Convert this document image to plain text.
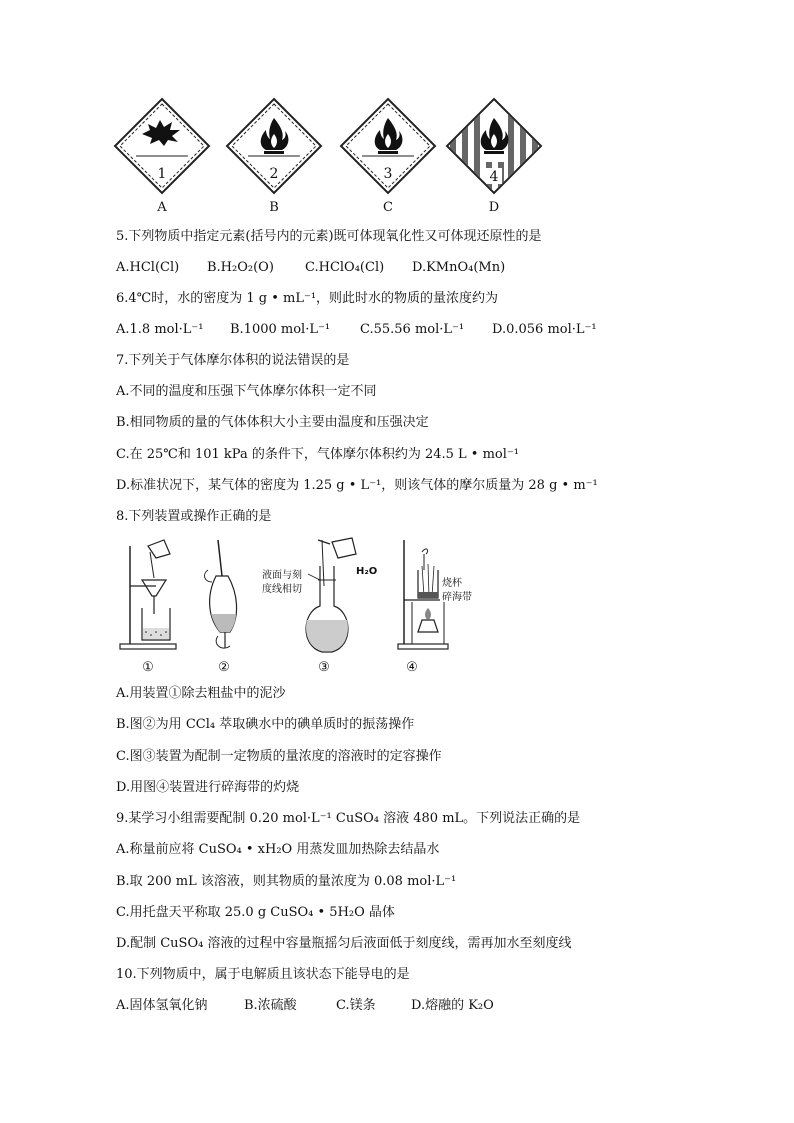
1
A
2
B
3
C
4
D
5.下列物质中指定元素(括号内的元素)既可体现氧化性又可体现还原性的是
A.HCl(Cl) B.H₂O₂(O) C.HClO₄(Cl) D.KMnO₄(Mn)
6.4℃时，水的密度为 1 g • mL⁻¹，则此时水的物质的量浓度约为
A.1.8 mol·L⁻¹ B.1000 mol·L⁻¹ C.55.56 mol·L⁻¹ D.0.056 mol·L⁻¹
7.下列关于气体摩尔体积的说法错误的是
A.不同的温度和压强下气体摩尔体积一定不同
B.相同物质的量的气体体积大小主要由温度和压强决定
C.在 25℃和 101 kPa 的条件下，气体摩尔体积约为 24.5 L • mol⁻¹
D.标准状况下，某气体的密度为 1.25 g • L⁻¹，则该气体的摩尔质量为 28 g • m⁻¹
8.下列装置或操作正确的是
①	②
液面与刻
度线相切
H₂O
③
烧杯
碎海带
④
A.用装置①除去粗盐中的泥沙
B.图②为用 CCl₄ 萃取碘水中的碘单质时的振荡操作
C.图③装置为配制一定物质的量浓度的溶液时的定容操作
D.用图④装置进行碎海带的灼烧
9.某学习小组需要配制 0.20 mol·L⁻¹ CuSO₄ 溶液 480 mL。下列说法正确的是
A.称量前应将 CuSO₄ • xH₂O 用蒸发皿加热除去结晶水
B.取 200 mL 该溶液，则其物质的量浓度为 0.08 mol·L⁻¹
C.用托盘天平称取 25.0 g CuSO₄ • 5H₂O 晶体
D.配制 CuSO₄ 溶液的过程中容量瓶摇匀后液面低于刻度线，需再加水至刻度线
10.下列物质中，属于电解质且该状态下能导电的是
A.固体氢氧化钠	B.浓硫酸	C.镁条	D.熔融的 K₂O
